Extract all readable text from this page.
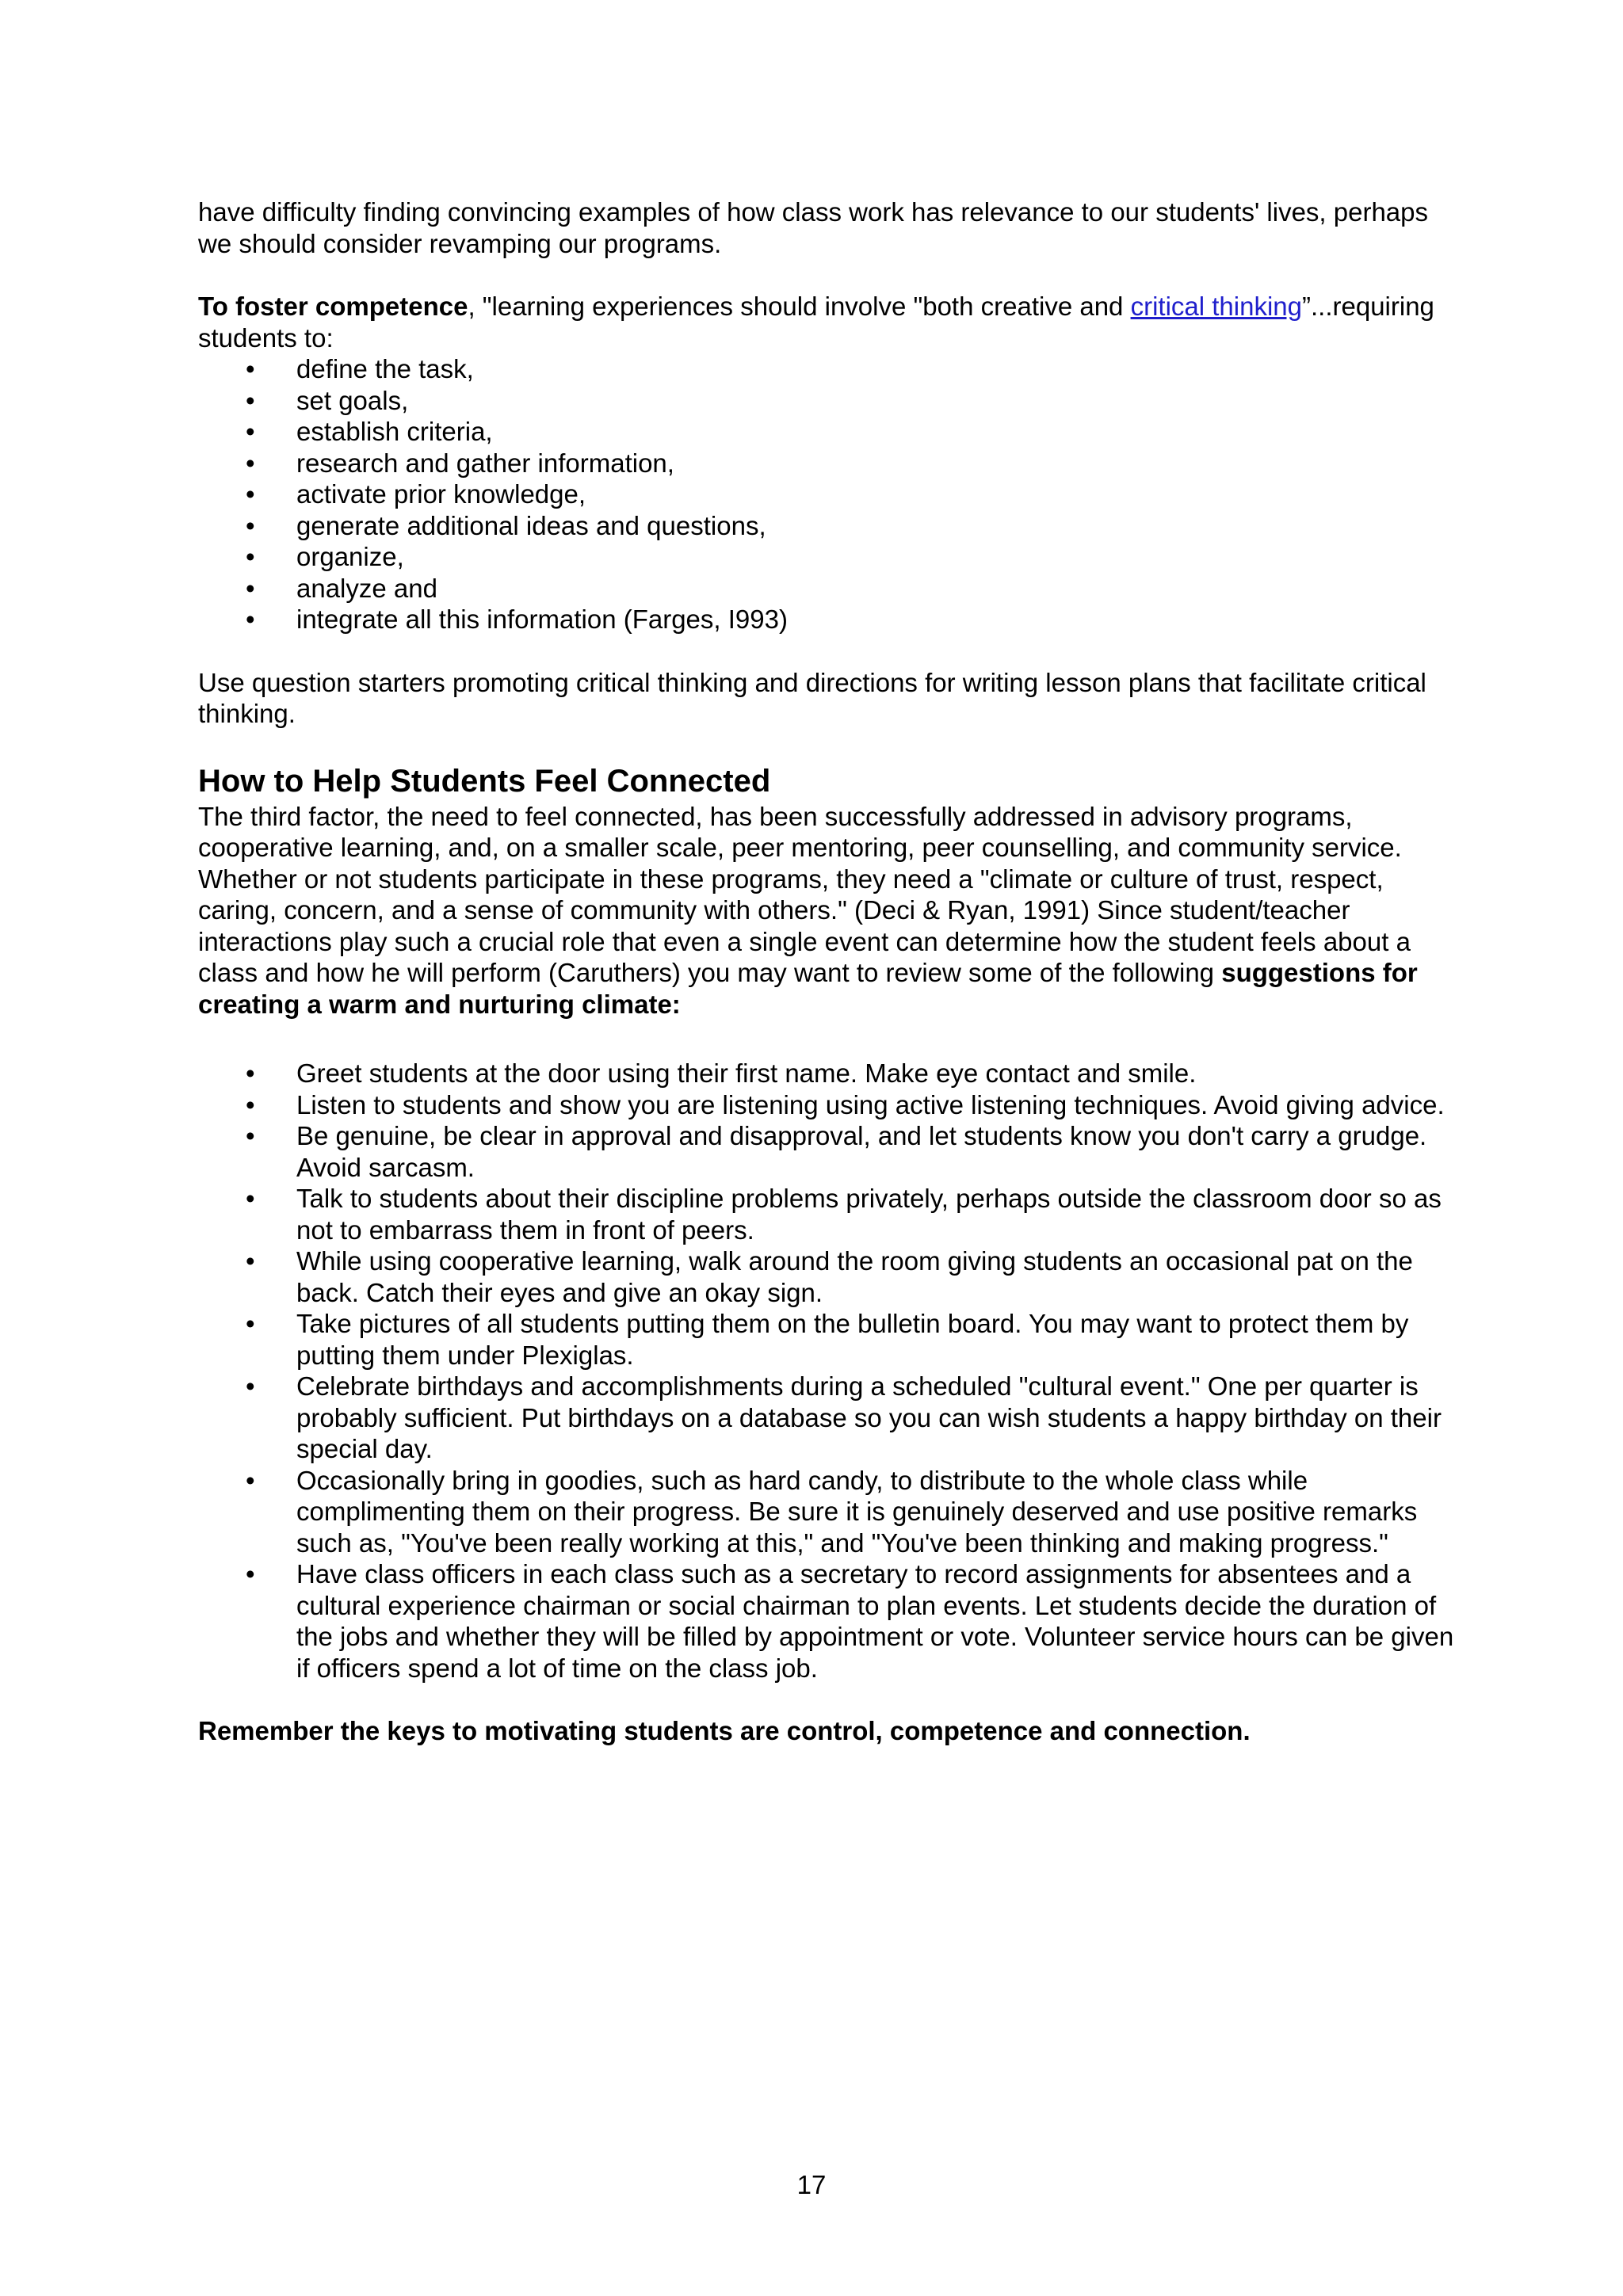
have difficulty finding convincing examples of how class work has relevance to our students' lives, perhaps we should consider revamping our programs.

To foster competence, "learning experiences should involve "both creative and critical thinking”...requiring students to:

• define the task,
• set goals,
• establish criteria,
• research and gather information,
• activate prior knowledge,
• generate additional ideas and questions,
• organize,
• analyze and
• integrate all this information (Farges, I993)

Use question starters promoting critical thinking and directions for writing lesson plans that facilitate critical thinking.

How to Help Students Feel Connected

The third factor, the need to feel connected, has been successfully addressed in advisory programs, cooperative learning, and, on a smaller scale, peer mentoring, peer counselling, and community service. Whether or not students participate in these programs, they need a "climate or culture of trust, respect, caring, concern, and a sense of community with others." (Deci & Ryan, 1991) Since student/teacher interactions play such a crucial role that even a single event can determine how the student feels about a class and how he will perform (Caruthers) you may want to review some of the following suggestions for creating a warm and nurturing climate:

• Greet students at the door using their first name. Make eye contact and smile.
• Listen to students and show you are listening using active listening techniques. Avoid giving advice.
• Be genuine, be clear in approval and disapproval, and let students know you don't carry a grudge. Avoid sarcasm.
• Talk to students about their discipline problems privately, perhaps outside the classroom door so as not to embarrass them in front of peers.
• While using cooperative learning, walk around the room giving students an occasional pat on the back. Catch their eyes and give an okay sign.
• Take pictures of all students putting them on the bulletin board. You may want to protect them by putting them under Plexiglas.
• Celebrate birthdays and accomplishments during a scheduled "cultural event." One per quarter is probably sufficient. Put birthdays on a database so you can wish students a happy birthday on their special day.
• Occasionally bring in goodies, such as hard candy, to distribute to the whole class while complimenting them on their progress. Be sure it is genuinely deserved and use positive remarks such as, "You've been really working at this," and "You've been thinking and making progress."
• Have class officers in each class such as a secretary to record assignments for absentees and a cultural experience chairman or social chairman to plan events. Let students decide the duration of the jobs and whether they will be filled by appointment or vote. Volunteer service hours can be given if officers spend a lot of time on the class job.

Remember the keys to motivating students are control, competence and connection.

17
